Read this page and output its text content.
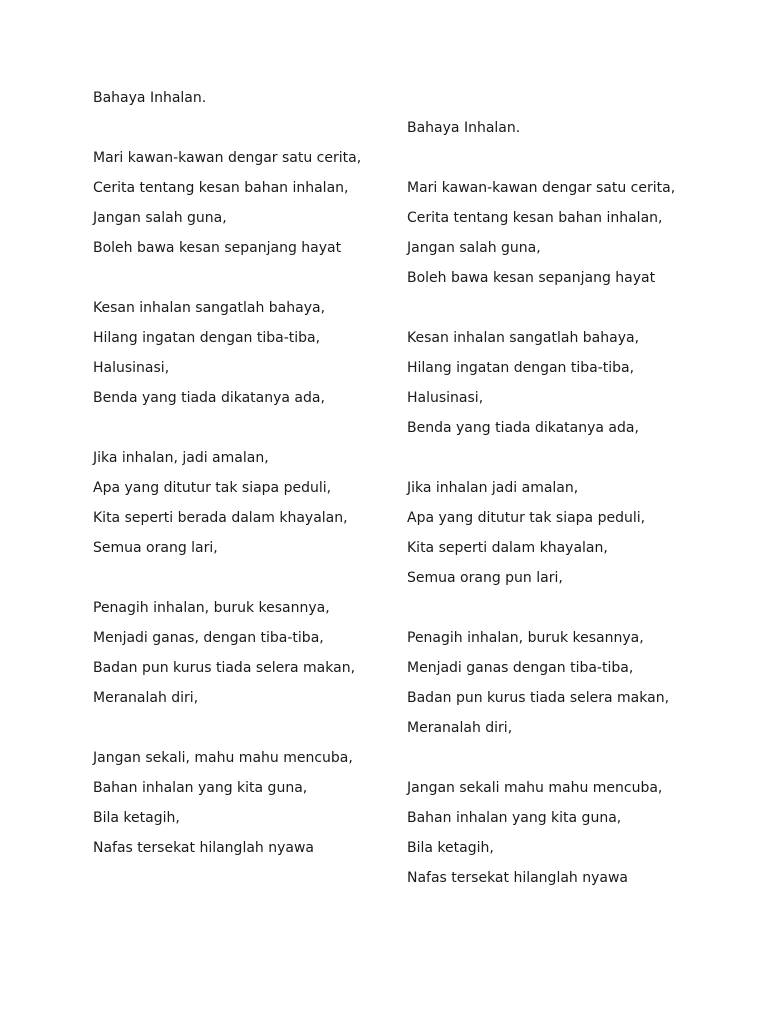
Bahaya Inhalan.
Bahaya Inhalan.
Mari kawan-kawan dengar satu cerita,
Cerita tentang kesan bahan inhalan,
Jangan salah guna,
Boleh bawa kesan sepanjang hayat
Kesan inhalan sangatlah bahaya,
Hilang ingatan dengan tiba-tiba,
Halusinasi,
Benda yang tiada dikatanya ada,
Jika inhalan, jadi amalan,
Apa yang ditutur tak siapa peduli,
Kita seperti berada dalam khayalan,
Semua orang lari,
Penagih inhalan, buruk kesannya,
Menjadi ganas, dengan tiba-tiba,
Badan pun kurus tiada selera makan,
Meranalah diri,
Jangan sekali, mahu mahu mencuba,
Bahan inhalan yang kita guna,
Bila ketagih,
Nafas tersekat hilanglah nyawa
Mari kawan-kawan dengar satu cerita,
Cerita tentang kesan bahan inhalan,
Jangan salah guna,
Boleh bawa kesan sepanjang hayat
Kesan inhalan sangatlah bahaya,
Hilang ingatan dengan tiba-tiba,
Halusinasi,
Benda yang tiada dikatanya ada,
Jika inhalan jadi amalan,
Apa yang ditutur tak siapa peduli,
Kita seperti dalam khayalan,
Semua orang pun lari,
Penagih inhalan, buruk kesannya,
Menjadi ganas dengan tiba-tiba,
Badan pun kurus tiada selera makan,
Meranalah diri,
Jangan sekali mahu mahu mencuba,
Bahan inhalan yang kita guna,
Bila ketagih,
Nafas tersekat hilanglah nyawa
